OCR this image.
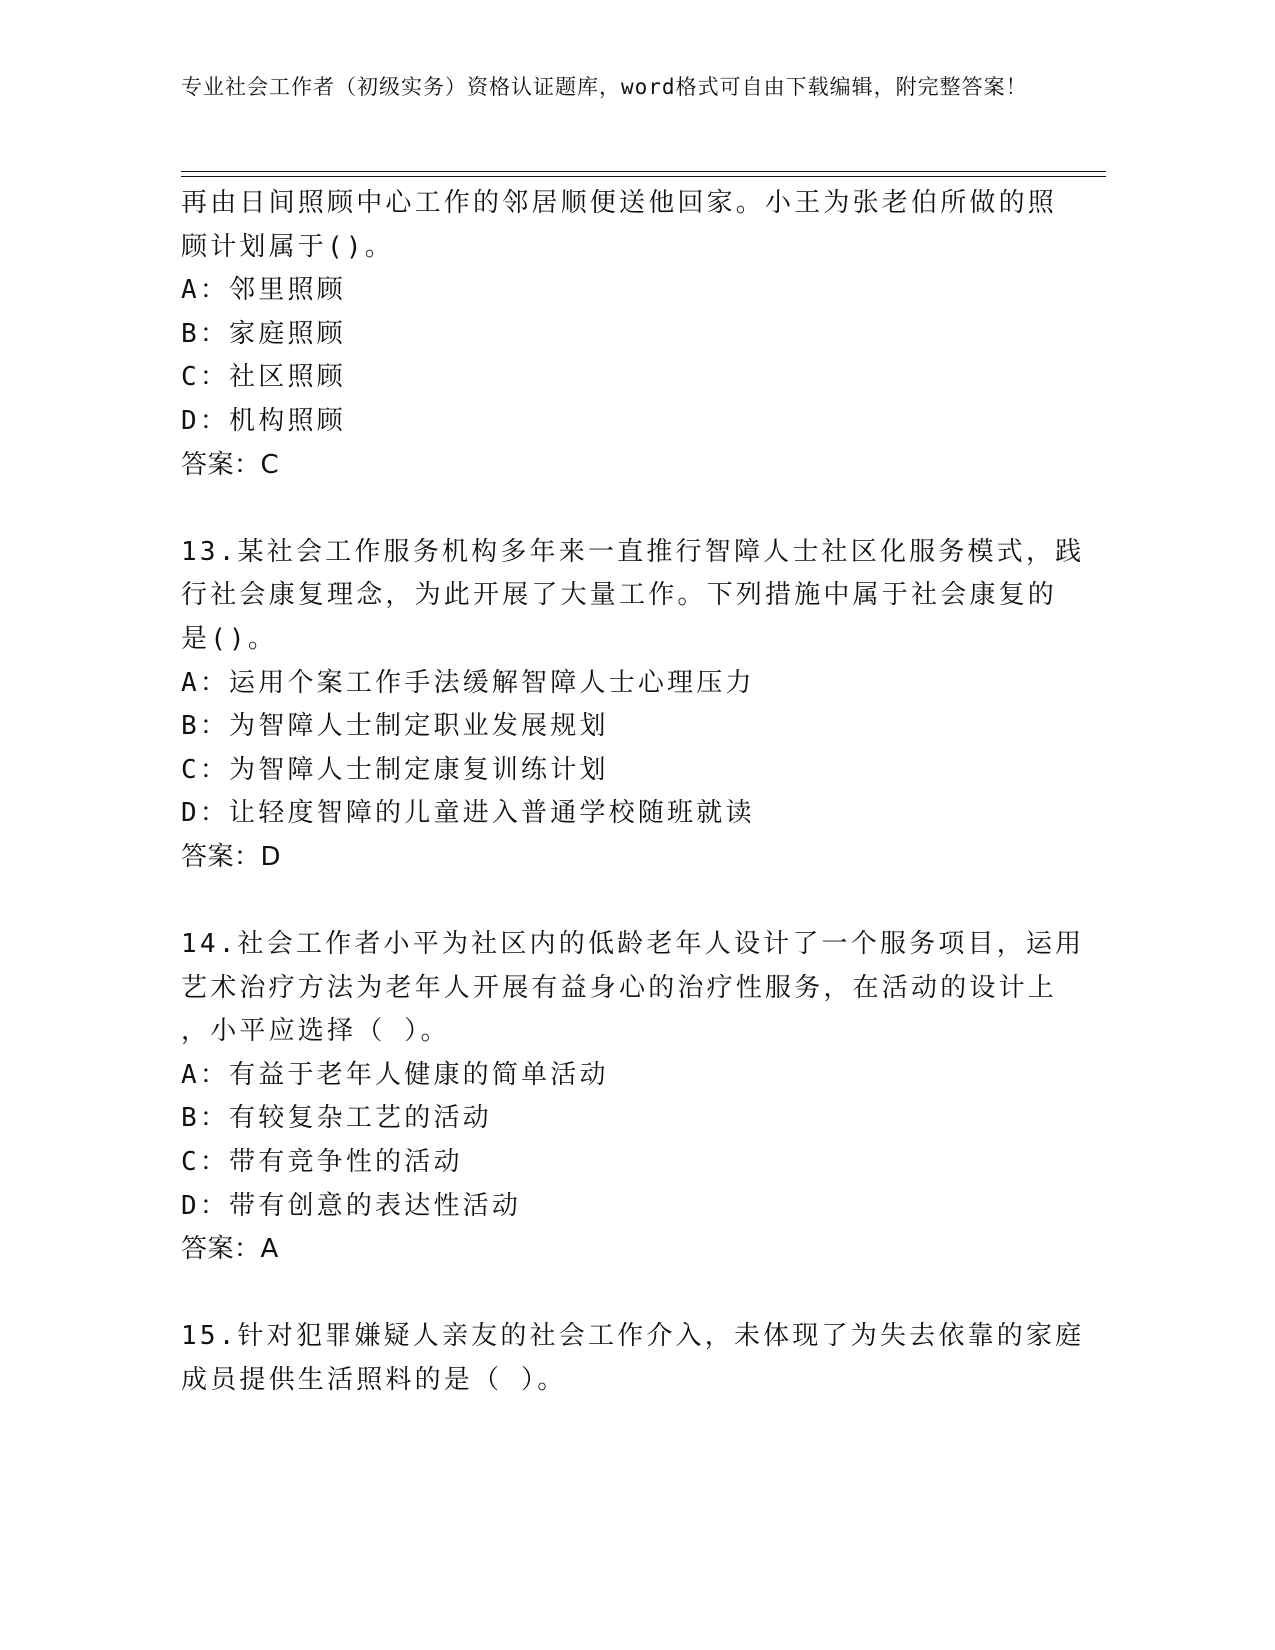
专业社会工作者（初级实务）资格认证题库，word格式可自由下载编辑，附完整答案！
再由日间照顾中心工作的邻居顺便送他回家。小王为张老伯所做的照
顾计划属于()。
A：邻里照顾
B：家庭照顾
C：社区照顾
D：机构照顾
答案：C
13.某社会工作服务机构多年来一直推行智障人士社区化服务模式，践
行社会康复理念，为此开展了大量工作。下列措施中属于社会康复的
是()。
A：运用个案工作手法缓解智障人士心理压力
B：为智障人士制定职业发展规划
C：为智障人士制定康复训练计划
D：让轻度智障的儿童进入普通学校随班就读
答案：D
14.社会工作者小平为社区内的低龄老年人设计了一个服务项目，运用
艺术治疗方法为老年人开展有益身心的治疗性服务，在活动的设计上
，小平应选择（ ）。
A：有益于老年人健康的简单活动
B：有较复杂工艺的活动
C：带有竞争性的活动
D：带有创意的表达性活动
答案：A
15.针对犯罪嫌疑人亲友的社会工作介入，未体现了为失去依靠的家庭
成员提供生活照料的是（ ）。
